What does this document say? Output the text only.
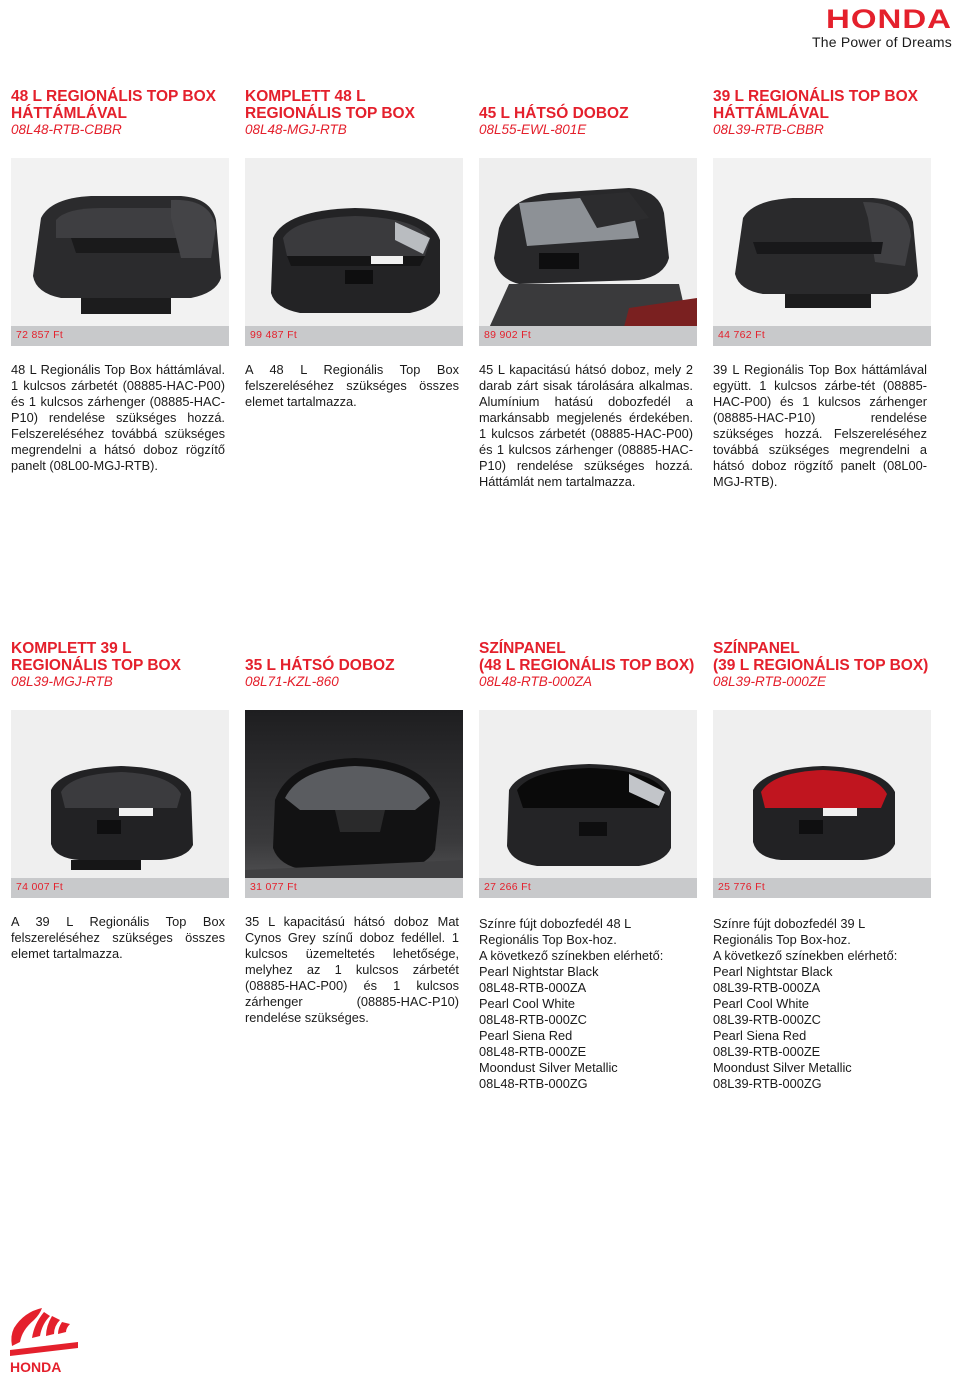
HONDA
The Power of Dreams
48 L REGIONÁLIS TOP BOX
HÁTTÁMLÁVAL
08L48-RTB-CBBR
72 857 Ft

48 L Regionális Top Box háttámlával. 1 kulcsos zárbetét (08885-HAC-P00) és 1 kulcsos zárhenger (08885-HAC-P10) rendelése szükséges hozzá. Felszereléséhez továbbá szükséges megrendelni a hátsó doboz rögzítő panelt (08L00-MGJ-RTB).

KOMPLETT 48 L
REGIONÁLIS TOP BOX
08L48-MGJ-RTB
99 487 Ft

A 48 L Regionális Top Box felszereléséhez szükséges összes elemet tartalmazza.

45 L HÁTSÓ DOBOZ
08L55-EWL-801E
89 902 Ft

45 L kapacitású hátsó doboz, mely 2 darab zárt sisak tárolására alkalmas. Alumínium hatású dobozfedél a markánsabb megjelenés érdekében. 1 kulcsos zárbetét (08885-HAC-P00) és 1 kulcsos zárhenger (08885-HAC-P10) rendelése szükséges hozzá. Háttámlát nem tartalmazza.

39 L REGIONÁLIS TOP BOX
HÁTTÁMLÁVAL
08L39-RTB-CBBR
44 762 Ft

39 L Regionális Top Box háttámlával együtt. 1 kulcsos zárbe-tét (08885-HAC-P00) és 1 kulcsos zárhenger (08885-HAC-P10) rendelése szükséges hozzá. Felszereléséhez továbbá szükséges megrendelni a hátsó doboz rögzítő panelt (08L00-MGJ-RTB).

KOMPLETT 39 L
REGIONÁLIS TOP BOX
08L39-MGJ-RTB
74 007 Ft

A 39 L Regionális Top Box felszereléséhez szükséges összes elemet tartalmazza.

35 L HÁTSÓ DOBOZ
08L71-KZL-860
31 077 Ft

35 L kapacitású hátsó doboz Mat Cynos Grey színű doboz fedéllel. 1 kulcsos üzemeltetés lehetősége, melyhez az 1 kulcsos zárbetét (08885-HAC-P00) és 1 kulcsos zárhenger (08885-HAC-P10) rendelése szükséges.

SZÍNPANEL
(48 L REGIONÁLIS TOP BOX)
08L48-RTB-000ZA
27 266 Ft
Színre fújt dobozfedél 48 L Regionális Top Box-hoz.
A következő színekben elérhető:
Pearl Nightstar Black
08L48-RTB-000ZA
Pearl Cool White
08L48-RTB-000ZC
Pearl Siena Red
08L48-RTB-000ZE
Moondust Silver Metallic
08L48-RTB-000ZG
SZÍNPANEL
(39 L REGIONÁLIS TOP BOX)
08L39-RTB-000ZE
25 776 Ft
Színre fújt dobozfedél 39 L Regionális Top Box-hoz.
A következő színekben elérhető:
Pearl Nightstar Black
08L39-RTB-000ZA
Pearl Cool White
08L39-RTB-000ZC
Pearl Siena Red
08L39-RTB-000ZE
Moondust Silver Metallic
08L39-RTB-000ZG
HONDA
